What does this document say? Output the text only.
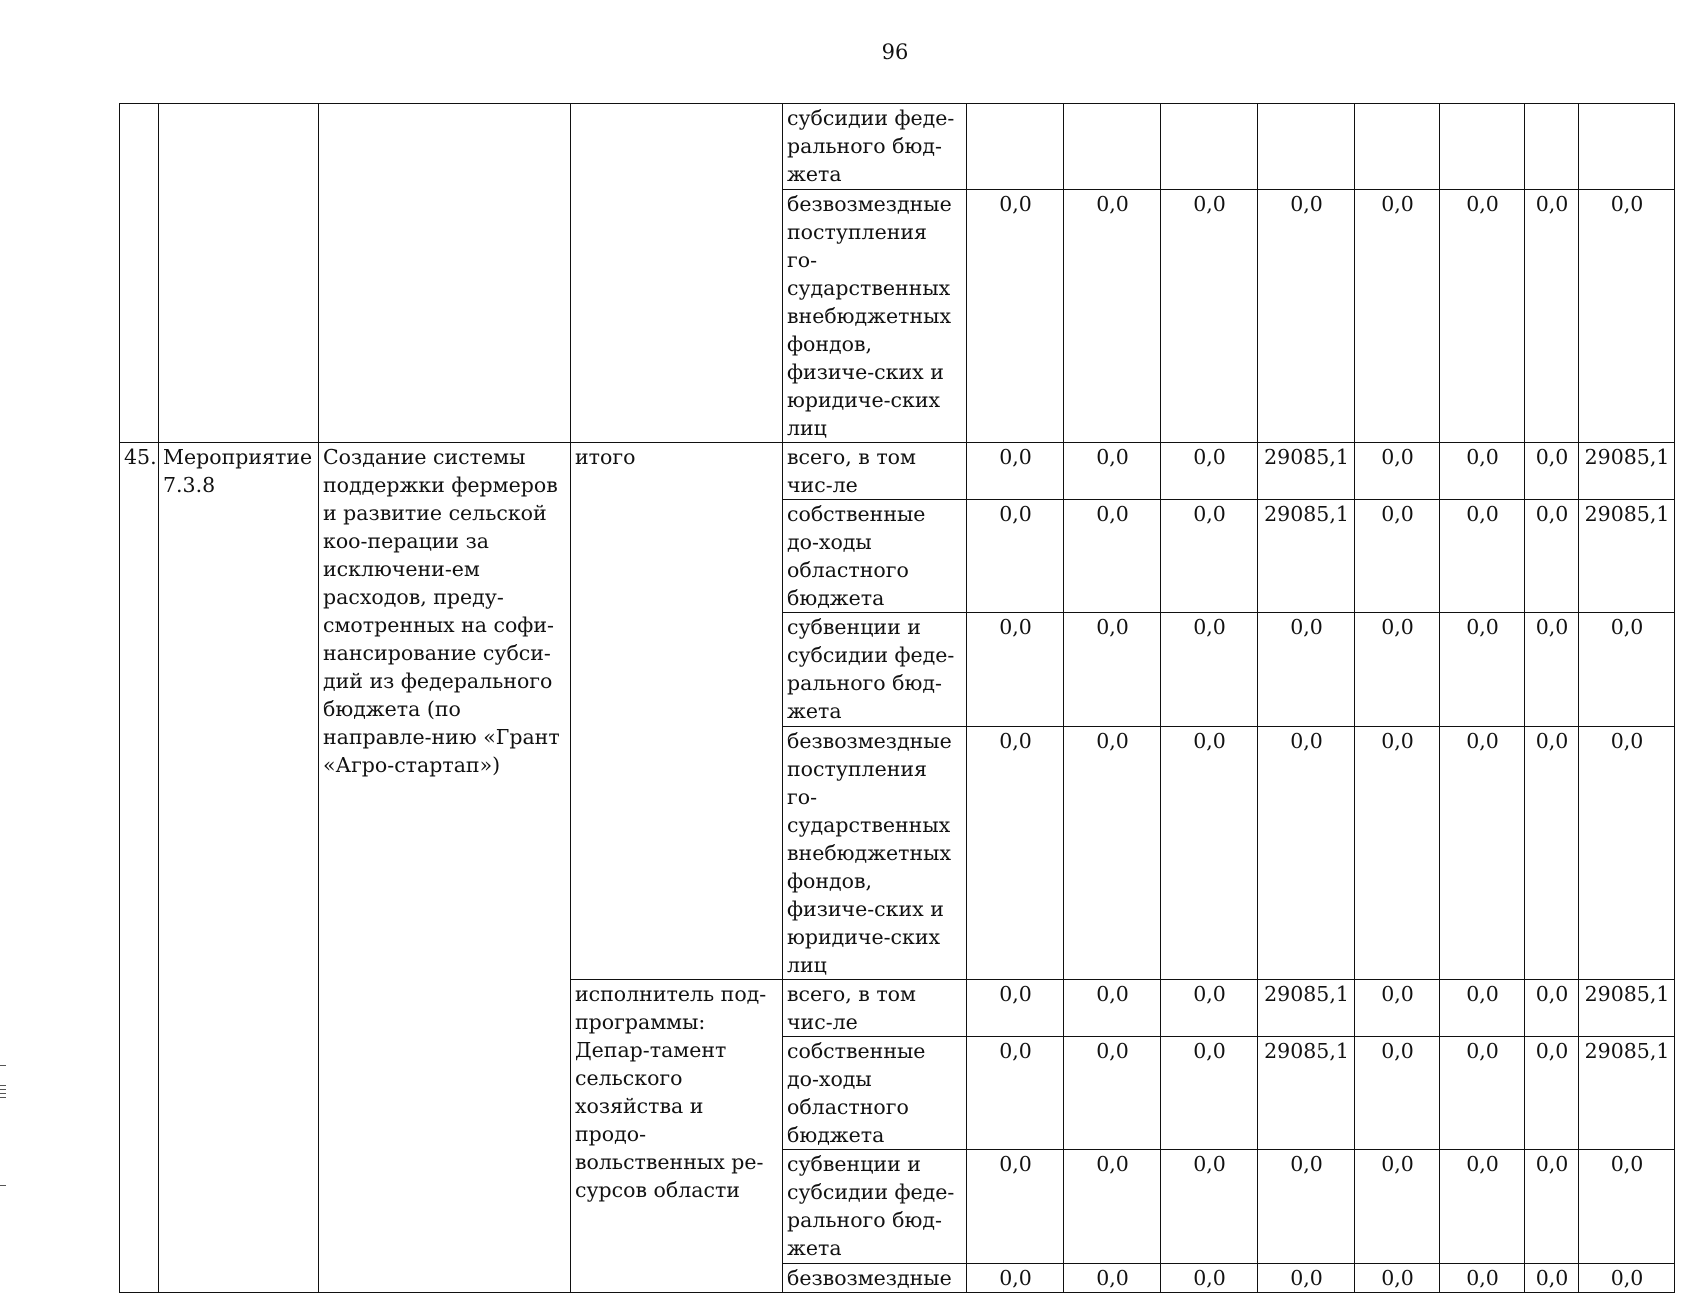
96
				субсидии феде-ральнoго бюд-жета								
				безвозмездные поступления го-сударственных внебюджетных фондов, физиче-ских и юридиче-ских лиц	0,0	0,0	0,0	0,0	0,0	0,0	0,0	0,0
45.	Мероприятие 7.3.8	Создание системы поддержки фермеров и развитие сельской коо-перации за исключени-ем расходов, преду-смотренных на софи-нансирование субси-дий из федерального бюджета (по направле-нию «Грант «Агро-стартап»)	итого	всего, в том чис-ле	0,0	0,0	0,0	29085,1	0,0	0,0	0,0	29085,1
				собственные до-ходы областного бюджета	0,0	0,0	0,0	29085,1	0,0	0,0	0,0	29085,1
				субвенции и субсидии феде-рального бюд-жета	0,0	0,0	0,0	0,0	0,0	0,0	0,0	0,0
				безвозмездные поступления го-сударственных внебюджетных фондов, физиче-ских и юридиче-ских лиц	0,0	0,0	0,0	0,0	0,0	0,0	0,0	0,0
			исполнитель под-программы: Депар-тамент сельского хозяйства и продо-вольственных ре-сурсов области	всего, в том чис-ле	0,0	0,0	0,0	29085,1	0,0	0,0	0,0	29085,1
				собственные до-ходы областного бюджета	0,0	0,0	0,0	29085,1	0,0	0,0	0,0	29085,1
				субвенции и субсидии феде-рального бюд-жета	0,0	0,0	0,0	0,0	0,0	0,0	0,0	0,0
				безвозмездные	0,0	0,0	0,0	0,0	0,0	0,0	0,0	0,0
